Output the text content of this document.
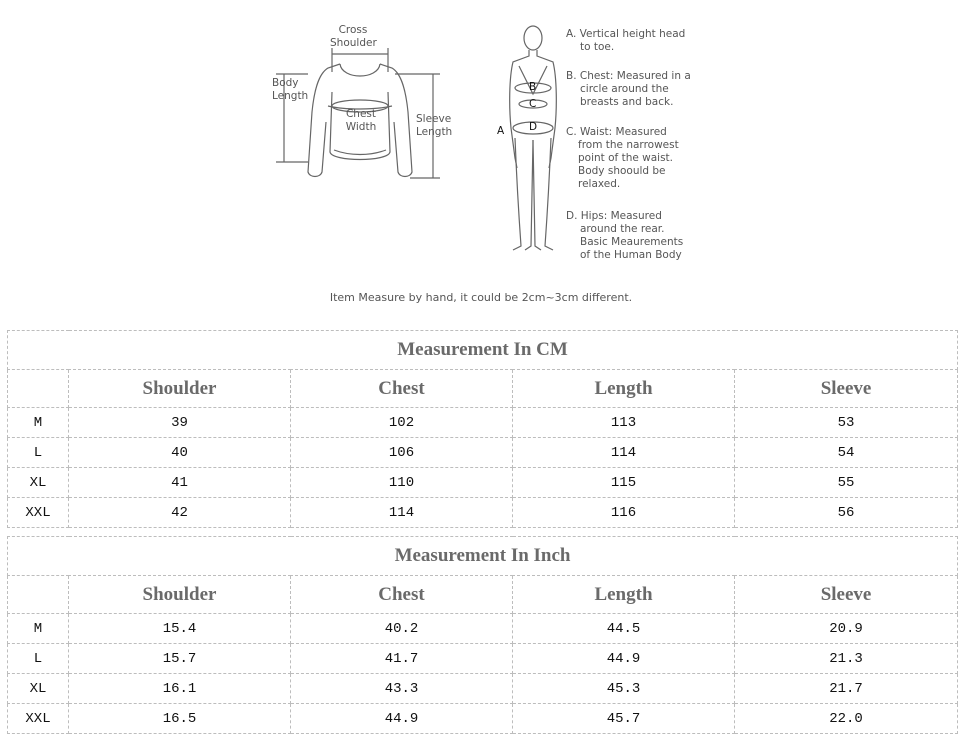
Cross
Shoulder
Body
Length
Chest
Width
Sleeve
Length	A
B
C
D
A. Vertical height head
to toe.
B. Chest: Measured in a
circle around the
breasts and back.
C. Waist: Measured
from the narrowest
point of the waist.
Body shoould be
relaxed.
D. Hips: Measured
around the rear.
Basic Meaurements
of the Human Body
Item Measure by hand, it could be 2cm~3cm different.
Measurement In CM				
	Shoulder	Chest	Length	Sleeve
M	39	102	113	53
L	40	106	114	54
XL	41	110	115	55
XXL	42	114	116	56
Measurement In Inch				
	Shoulder	Chest	Length	Sleeve
M	15.4	40.2	44.5	20.9
L	15.7	41.7	44.9	21.3
XL	16.1	43.3	45.3	21.7
XXL	16.5	44.9	45.7	22.0
